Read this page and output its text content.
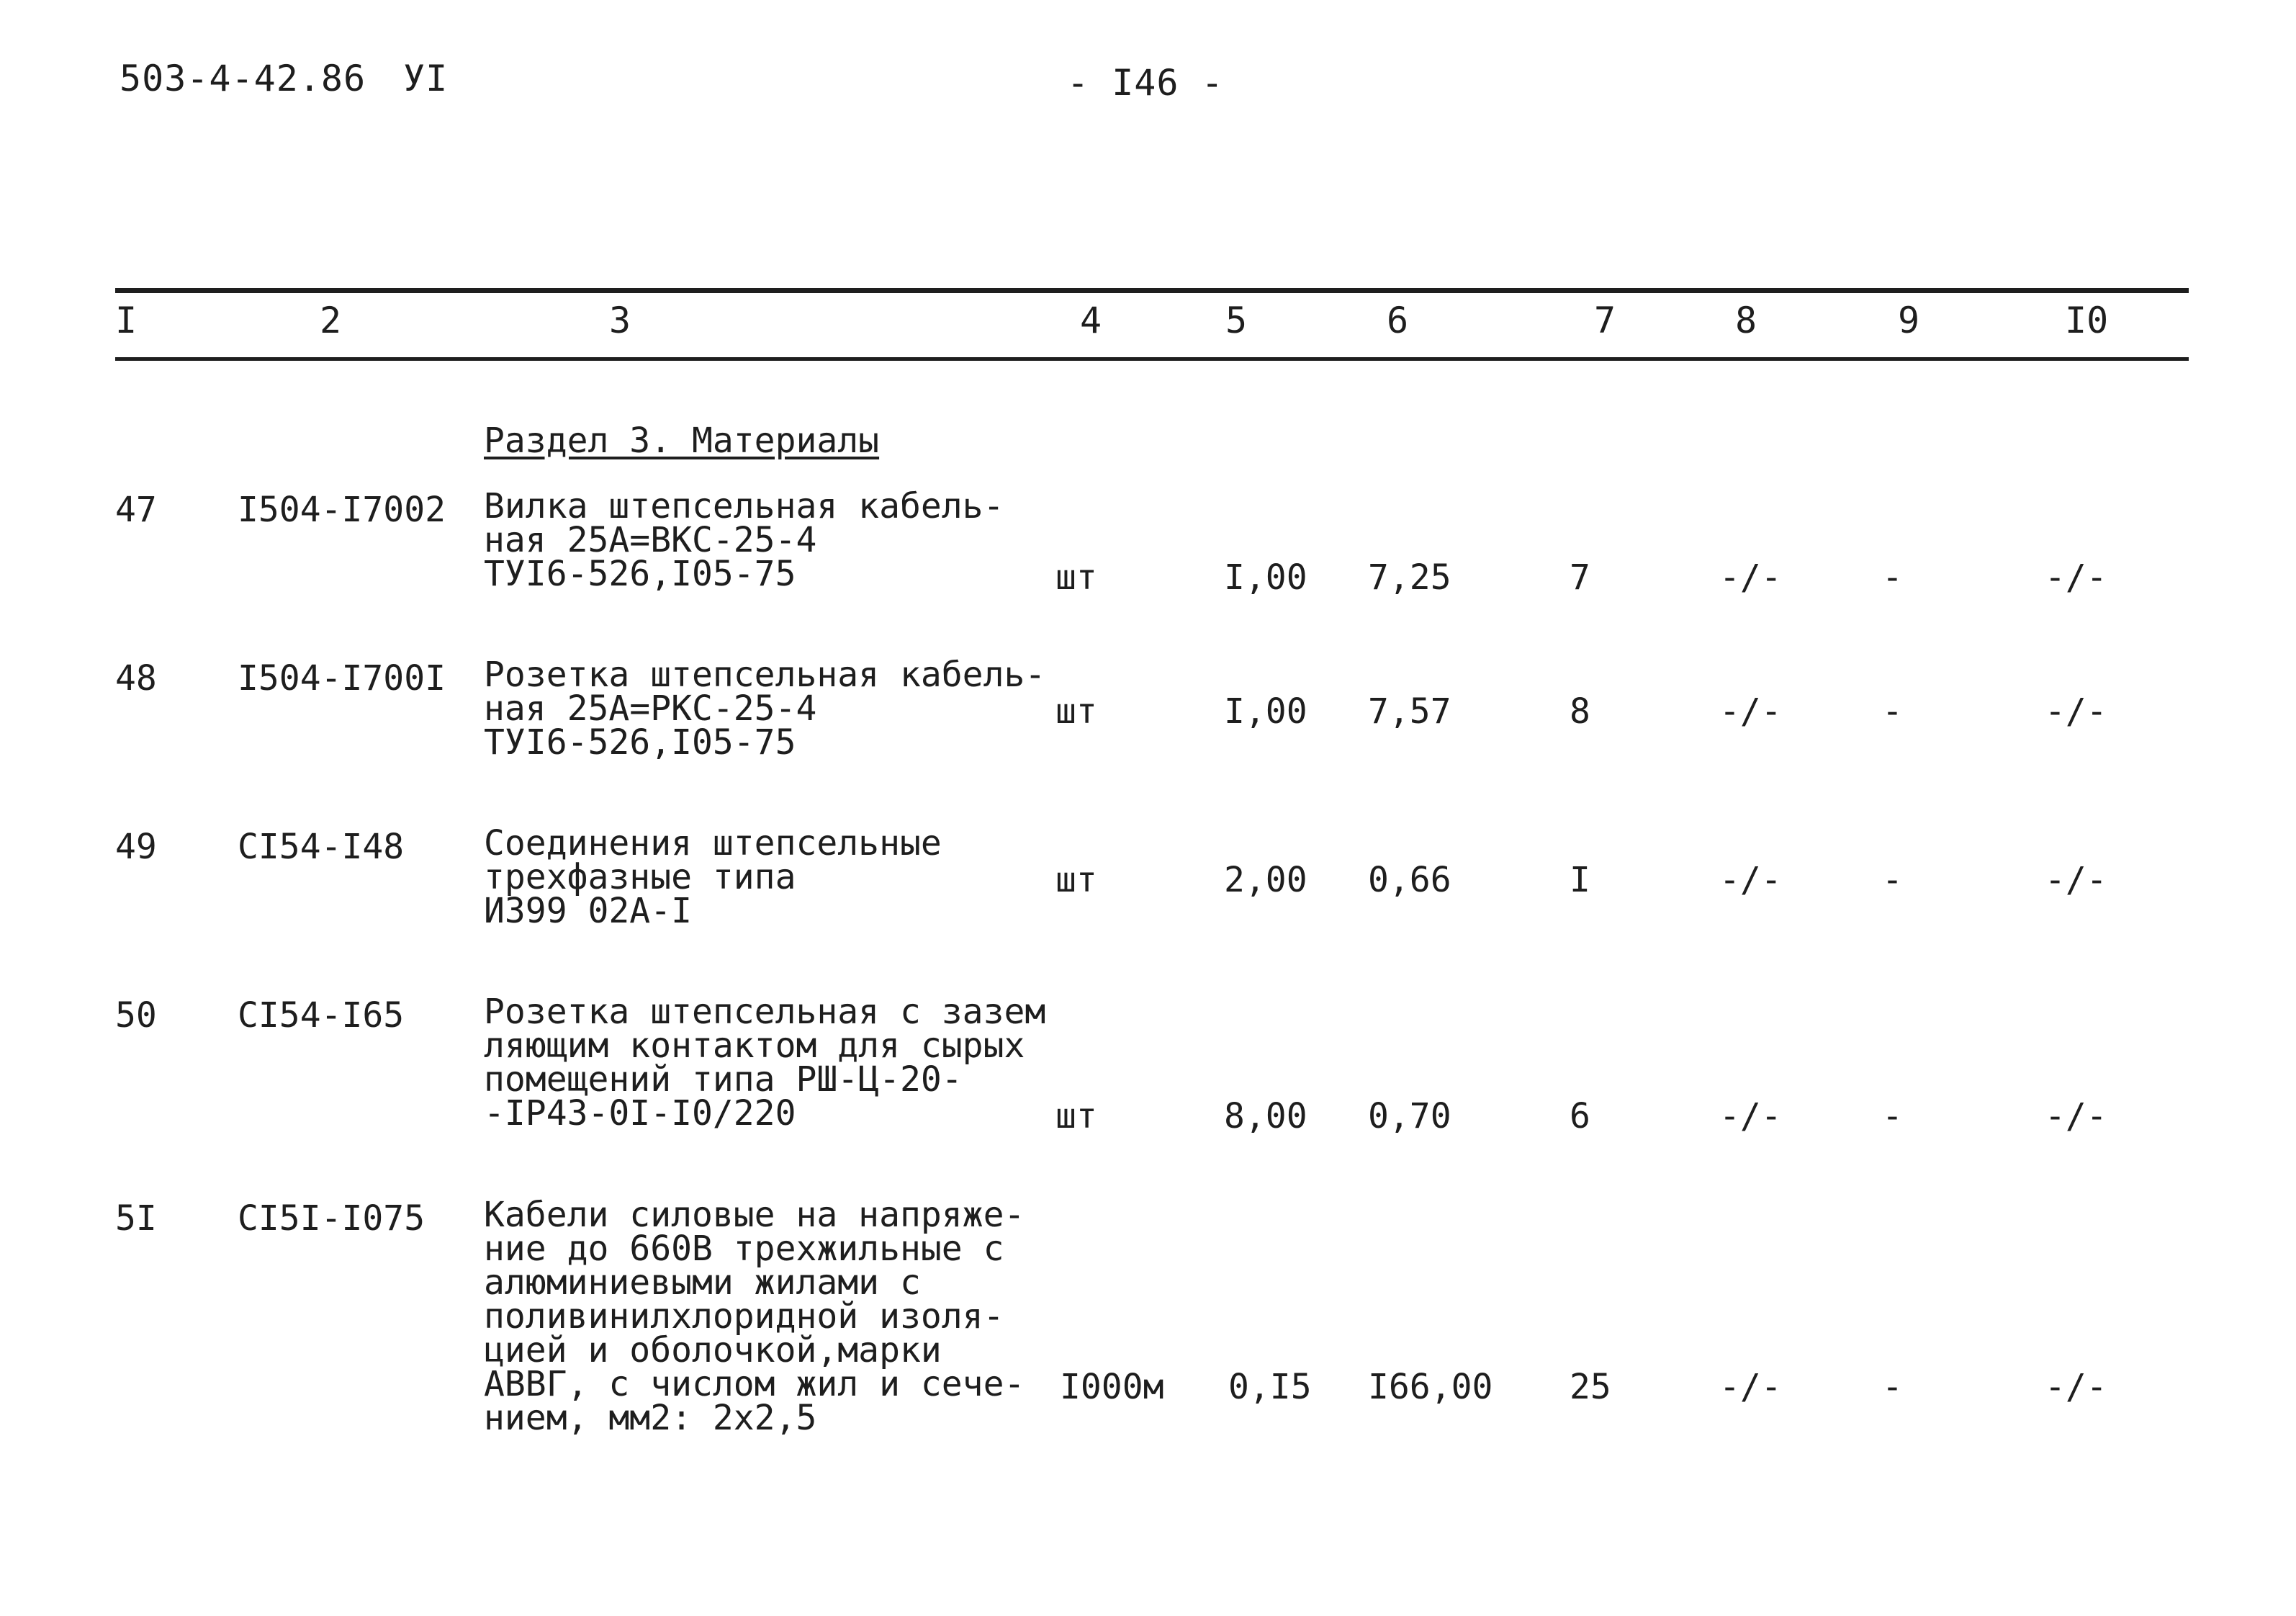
503-4-42.86 УI	- I46 -
I	2	3	4	5	6	7	8	9	I0
Раздел 3. Материалы
47 I504-I7002 Вилка штепсельная кабель-
ная 25А=ВКС-25-4
ТУI6-526,I05-75	шт	I,00 7,25	7	-/-	-	-/-
48 I504-I700I Розетка штепсельная кабель-
ная 25А=РКС-25-4
ТУI6-526,I05-75
шт	I,00 7,57	8	-/-	-	-/-
49 СI54-I48 Соединения штепсельные
трехфазные типа
И399 02А-I
шт	2,00 0,66	I	-/-	-	-/-
50 СI54-I65 Розетка штепсельная с зазем
ляющим контактом для сырых
помещений типа РШ-Ц-20-
-IP43-0I-I0/220	шт	8,00 0,70	6	-/-	-	-/-
5I СI5I-I075 Кабели силовые на напряже-
ние до 660В трехжильные с
алюминиевыми жилами с
поливинилхлоридной изоля-
цией и оболочкой,марки
АВВГ, с числом жил и сече-
нием, мм2: 2х2,5
I000м 0,I5 I66,00 25	-/-	-	-/-
